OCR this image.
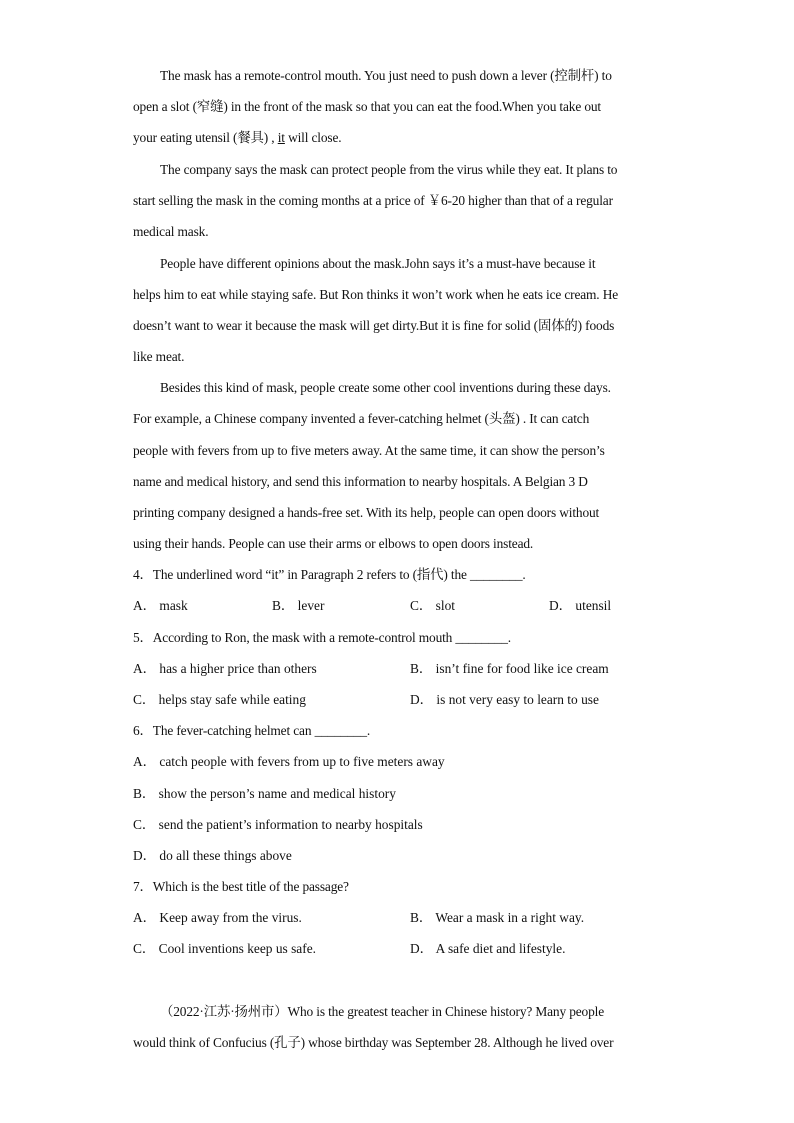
The mask has a remote-control mouth. You just need to push down a lever (控制杆) to
open a slot (窄缝) in the front of the mask so that you can eat the food.When you take out
your eating utensil (餐具) , it will close.
The company says the mask can protect people from the virus while they eat. It plans to
start selling the mask in the coming months at a price of ￥6-20 higher than that of a regular
medical mask.
People have different opinions about the mask.John says it’s a must-have because it
helps him to eat while staying safe. But Ron thinks it won’t work when he eats ice cream. He
doesn’t want to wear it because the mask will get dirty.But it is fine for solid (固体的) foods
like meat.
Besides this kind of mask, people create some other cool inventions during these days.
For example, a Chinese company invented a fever-catching helmet (头盔) . It can catch
people with fevers from up to five meters away. At the same time, it can show the person’s
name and medical history, and send this information to nearby hospitals. A Belgian 3 D
printing company designed a hands-free set. With its help, people can open doors without
using their hands. People can use their arms or elbows to open doors instead.
4．The underlined word “it” in Paragraph 2 refers to (指代) the ________.
A． mask	B． lever	C． slot	D． utensil
5．According to Ron, the mask with a remote-control mouth ________.
A． has a higher price than others	B． isn’t fine for food like ice cream
C． helps stay safe while eating	D． is not very easy to learn to use
6．The fever-catching helmet can ________.
A． catch people with fevers from up to five meters away
B． show the person’s name and medical history
C． send the patient’s information to nearby hospitals
D． do all these things above
7．Which is the best title of the passage?
A． Keep away from the virus.	B． Wear a mask in a right way.
C． Cool inventions keep us safe.	D． A safe diet and lifestyle.
（2022·江苏·扬州市）Who is the greatest teacher in Chinese history? Many people
would think of Confucius (孔子) whose birthday was September 28. Although he lived over
